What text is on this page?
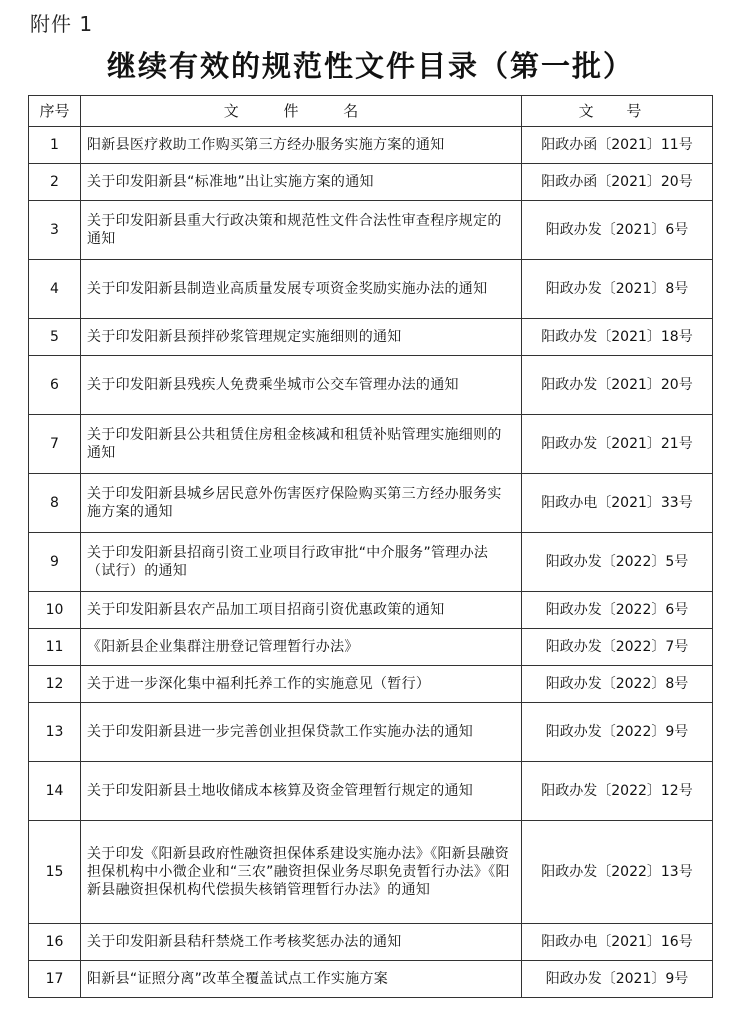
附件 1
继续有效的规范性文件目录（第一批）
序号	文 件 名	文 号
1	阳新县医疗救助工作购买第三方经办服务实施方案的通知	阳政办函〔2021〕11号
2	关于印发阳新县“标准地”出让实施方案的通知	阳政办函〔2021〕20号
3	关于印发阳新县重大行政决策和规范性文件合法性审查程序规定的通知	阳政办发〔2021〕6号
4	关于印发阳新县制造业高质量发展专项资金奖励实施办法的通知	阳政办发〔2021〕8号
5	关于印发阳新县预拌砂浆管理规定实施细则的通知	阳政办发〔2021〕18号
6	关于印发阳新县残疾人免费乘坐城市公交车管理办法的通知	阳政办发〔2021〕20号
7	关于印发阳新县公共租赁住房租金核减和租赁补贴管理实施细则的通知	阳政办发〔2021〕21号
8	关于印发阳新县城乡居民意外伤害医疗保险购买第三方经办服务实施方案的通知	阳政办电〔2021〕33号
9	关于印发阳新县招商引资工业项目行政审批“中介服务”管理办法（试行）的通知	阳政办发〔2022〕5号
10	关于印发阳新县农产品加工项目招商引资优惠政策的通知	阳政办发〔2022〕6号
11	《阳新县企业集群注册登记管理暂行办法》	阳政办发〔2022〕7号
12	关于进一步深化集中福利托养工作的实施意见（暂行）	阳政办发〔2022〕8号
13	关于印发阳新县进一步完善创业担保贷款工作实施办法的通知	阳政办发〔2022〕9号
14	关于印发阳新县土地收储成本核算及资金管理暂行规定的通知	阳政办发〔2022〕12号
15	关于印发《阳新县政府性融资担保体系建设实施办法》《阳新县融资担保机构中小微企业和“三农”融资担保业务尽职免责暂行办法》《阳新县融资担保机构代偿损失核销管理暂行办法》的通知	阳政办发〔2022〕13号
16	关于印发阳新县秸秆禁烧工作考核奖惩办法的通知	阳政办电〔2021〕16号
17	阳新县“证照分离”改革全覆盖试点工作实施方案	阳政办发〔2021〕9号
